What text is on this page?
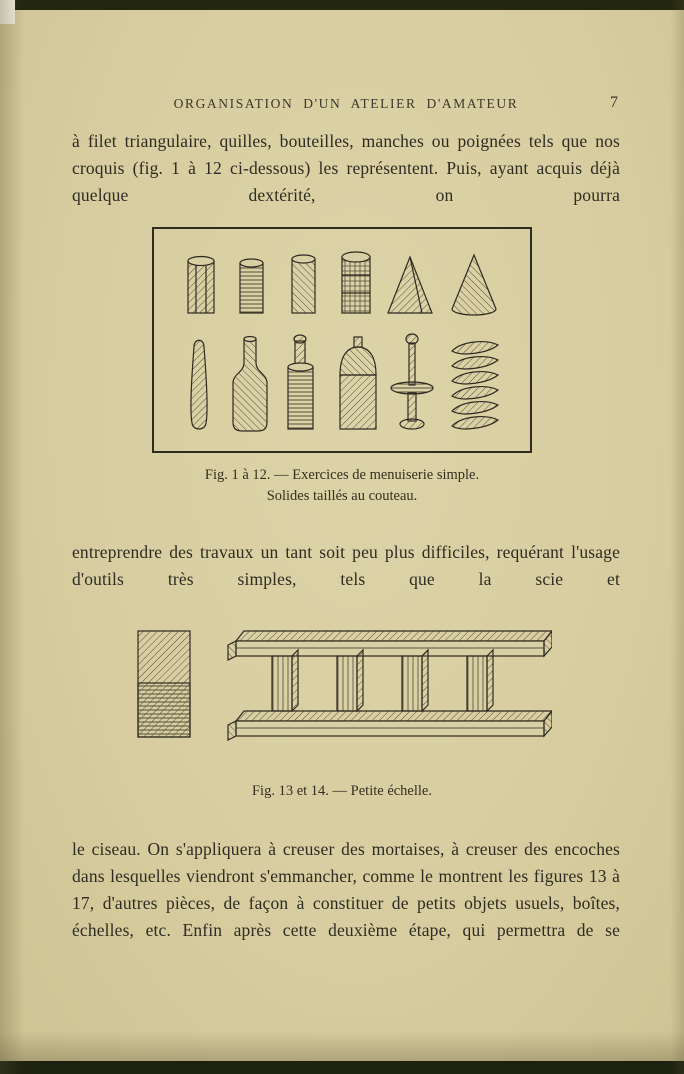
ORGANISATION D'UN ATELIER D'AMATEUR	7

à filet triangulaire, quilles, bouteilles, manches ou poignées tels que nos croquis (fig. 1 à 12 ci-dessous) les représentent. Puis, ayant acquis déjà quelque dextérité, on pourra

Fig. 1 à 12. — Exercices de menuiserie simple.
Solides taillés au couteau.

entreprendre des travaux un tant soit peu plus difficiles, requérant l'usage d'outils très simples, tels que la scie et

Fig. 13 et 14. — Petite échelle.

le ciseau. On s'appliquera à creuser des mortaises, à creuser des encoches dans lesquelles viendront s'emmancher, comme le montrent les figures 13 à 17, d'autres pièces, de façon à constituer de petits objets usuels, boîtes, échelles, etc. Enfin après cette deuxième étape, qui permettra de se
